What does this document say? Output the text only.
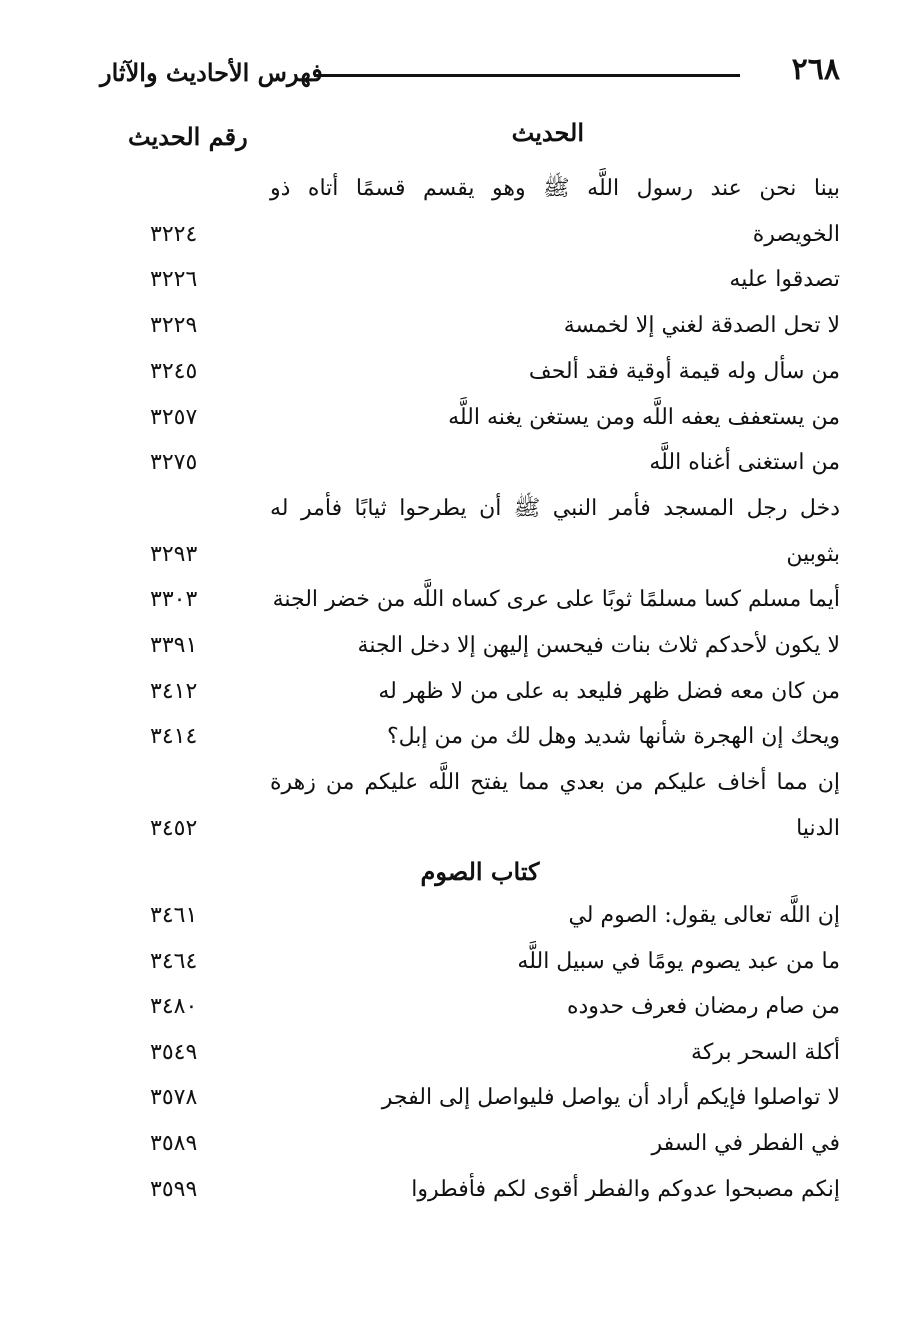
٢٦٨
فهرس الأحاديث والآثار
الحديث
رقم الحديث
بينا نحن عند رسول اللَّه ﷺ وهو يقسم قسمًا أتاه ذو
الخويصرة
٣٢٢٤
تصدقوا عليه
٣٢٢٦
لا تحل الصدقة لغني إلا لخمسة
٣٢٢٩
من سأل وله قيمة أوقية فقد ألحف
٣٢٤٥
من يستعفف يعفه اللَّه ومن يستغن يغنه اللَّه
٣٢٥٧
من استغنى أغناه اللَّه
٣٢٧٥
دخل رجل المسجد فأمر النبي ﷺ أن يطرحوا ثيابًا فأمر له
بثوبين
٣٢٩٣
أيما مسلم كسا مسلمًا ثوبًا على عرى كساه اللَّه من خضر الجنة
٣٣٠٣
لا يكون لأحدكم ثلاث بنات فيحسن إليهن إلا دخل الجنة
٣٣٩١
من كان معه فضل ظهر فليعد به على من لا ظهر له
٣٤١٢
ويحك إن الهجرة شأنها شديد وهل لك من من إبل؟
٣٤١٤
إن مما أخاف عليكم من بعدي مما يفتح اللَّه عليكم من زهرة
الدنيا
٣٤٥٢
كتاب الصوم
إن اللَّه تعالى يقول: الصوم لي
٣٤٦١
ما من عبد يصوم يومًا في سبيل اللَّه
٣٤٦٤
من صام رمضان فعرف حدوده
٣٤٨٠
أكلة السحر بركة
٣٥٤٩
لا تواصلوا فإيكم أراد أن يواصل فليواصل إلى الفجر
٣٥٧٨
في الفطر في السفر
٣٥٨٩
إنكم مصبحوا عدوكم والفطر أقوى لكم فأفطروا
٣٥٩٩
